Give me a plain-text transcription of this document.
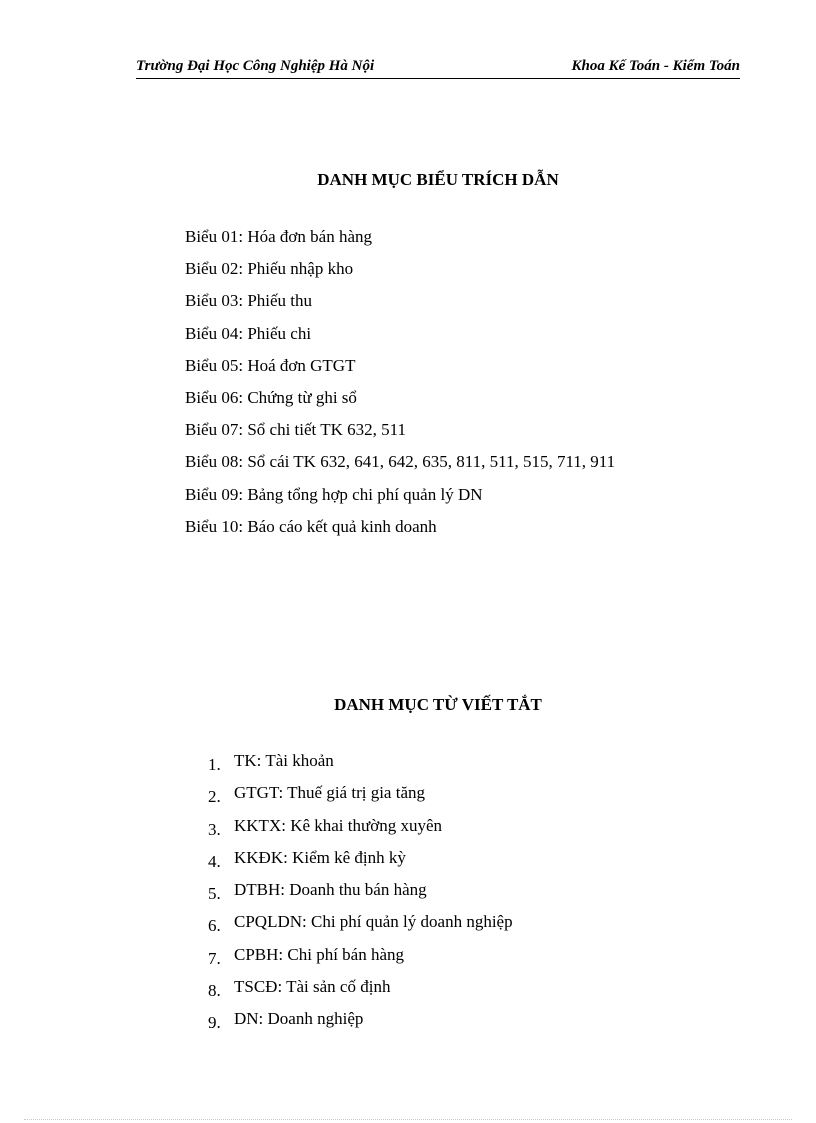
Trường Đại Học Công Nghiệp Hà Nội	Khoa Kế Toán - Kiểm Toán
DANH MỤC BIỂU TRÍCH DẪN
Biểu 01: Hóa đơn bán hàng
Biểu 02: Phiếu nhập kho
Biểu 03: Phiếu thu
Biểu 04: Phiếu chi
Biểu 05: Hoá đơn GTGT
Biểu 06: Chứng từ ghi sổ
Biểu 07: Sổ chi tiết TK 632, 511
Biểu 08: Sổ cái TK 632, 641, 642, 635, 811, 511, 515, 711, 911
Biểu 09: Bảng tổng hợp chi phí quản lý DN
Biểu 10: Báo cáo kết quả kinh doanh
DANH MỤC TỪ VIẾT TẮT
1. TK: Tài khoản
2. GTGT: Thuế giá trị gia tăng
3. KKTX: Kê khai thường xuyên
4. KKĐK: Kiểm kê định kỳ
5. DTBH: Doanh thu bán hàng
6. CPQLDN: Chi phí quản lý doanh nghiệp
7. CPBH: Chi phí bán hàng
8. TSCĐ: Tài sản cố định
9. DN: Doanh nghiệp
